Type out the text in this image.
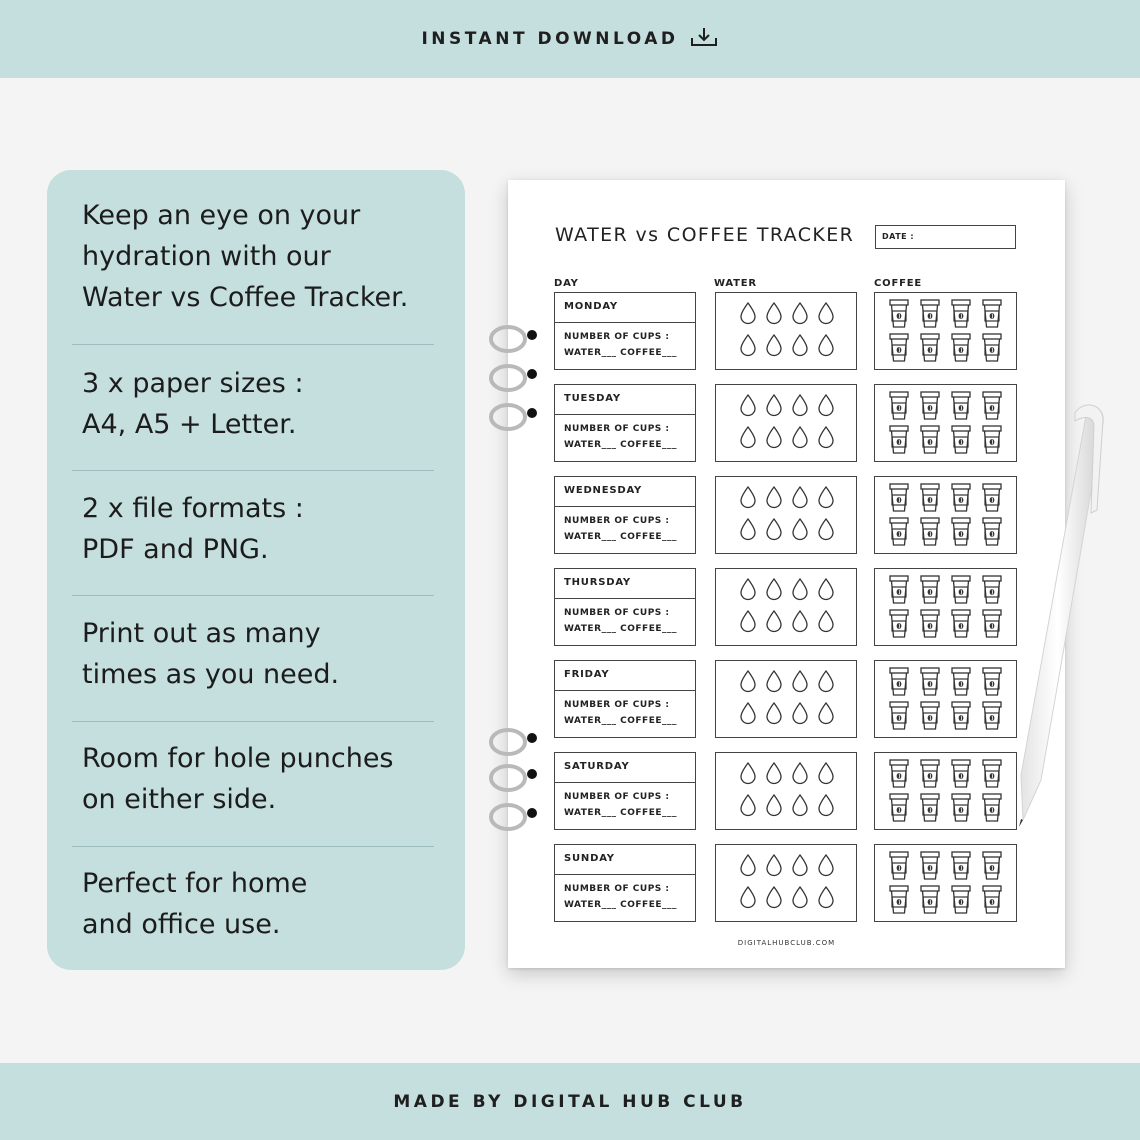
INSTANT DOWNLOAD
Keep an eye on your
hydration with our
Water vs Coffee Tracker.
3 x paper sizes :
A4, A5 + Letter.
2 x file formats :
PDF and PNG.
Print out as many
times as you need.
Room for hole punches
on either side.
Perfect for home
and office use.
WATER vs COFFEE TRACKER	DATE :
DAY	WATER	COFFEE
DIGITALHUBCLUB.COM
MONDAY
NUMBER OF CUPS :
WATER___ COFFEE___
TUESDAY
NUMBER OF CUPS :
WATER___ COFFEE___
WEDNESDAY
NUMBER OF CUPS :
WATER___ COFFEE___
THURSDAY
NUMBER OF CUPS :
WATER___ COFFEE___
FRIDAY
NUMBER OF CUPS :
WATER___ COFFEE___
SATURDAY
NUMBER OF CUPS :
WATER___ COFFEE___
SUNDAY
NUMBER OF CUPS :
WATER___ COFFEE___
MADE BY DIGITAL HUB CLUB
